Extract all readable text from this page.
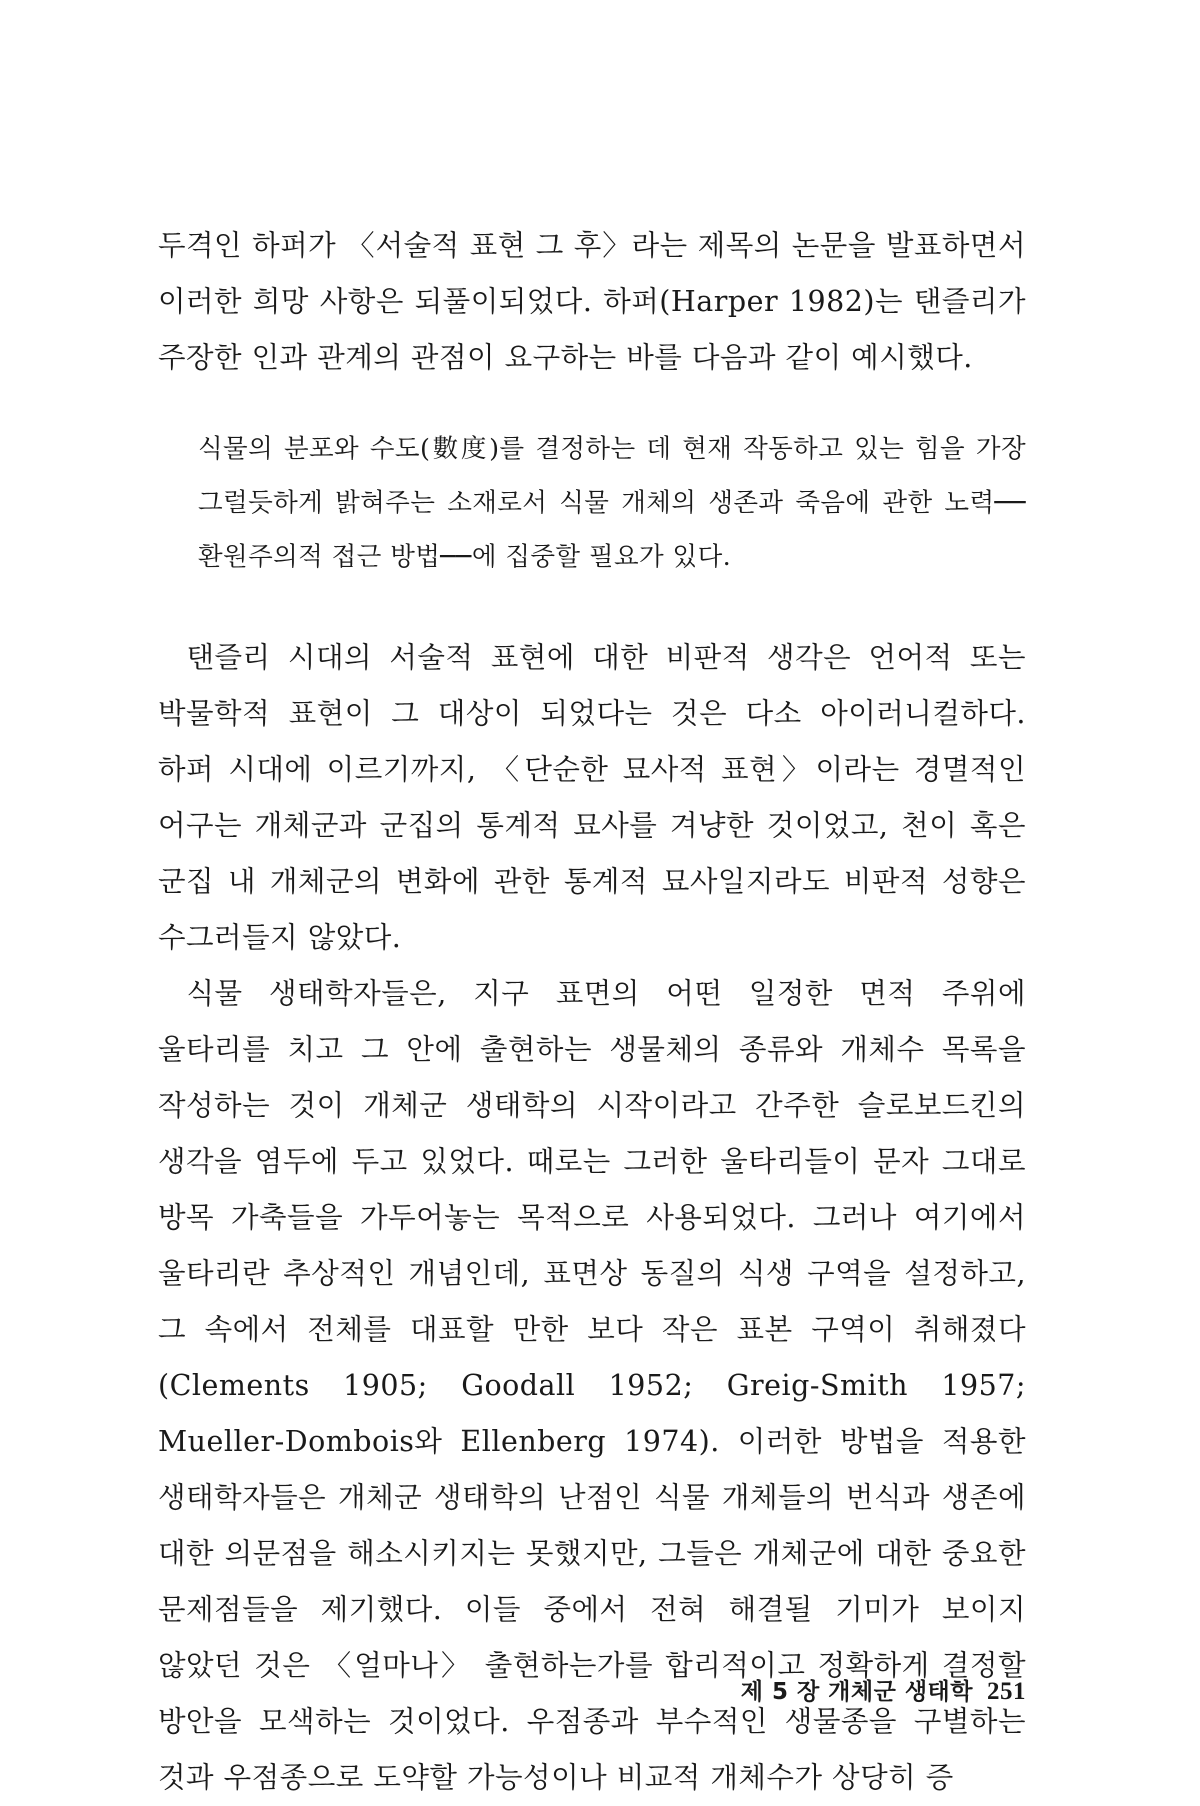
두격인 하퍼가 〈서술적 표현 그 후〉라는 제목의 논문을 발표하면서 이러한 희망 사항은 되풀이되었다. 하퍼(Harper 1982)는 탠즐리가 주장한 인과 관계의 관점이 요구하는 바를 다음과 같이 예시했다.

식물의 분포와 수도(數度)를 결정하는 데 현재 작동하고 있는 힘을 가장 그럴듯하게 밝혀주는 소재로서 식물 개체의 생존과 죽음에 관한 노력── 환원주의적 접근 방법──에 집중할 필요가 있다.

탠즐리 시대의 서술적 표현에 대한 비판적 생각은 언어적 또는 박물학적 표현이 그 대상이 되었다는 것은 다소 아이러니컬하다. 하퍼 시대에 이르기까지, 〈단순한 묘사적 표현〉이라는 경멸적인 어구는 개체군과 군집의 통계적 묘사를 겨냥한 것이었고, 천이 혹은 군집 내 개체군의 변화에 관한 통계적 묘사일지라도 비판적 성향은 수그러들지 않았다.

식물 생태학자들은, 지구 표면의 어떤 일정한 면적 주위에 울타리를 치고 그 안에 출현하는 생물체의 종류와 개체수 목록을 작성하는 것이 개체군 생태학의 시작이라고 간주한 슬로보드킨의 생각을 염두에 두고 있었다. 때로는 그러한 울타리들이 문자 그대로 방목 가축들을 가두어놓는 목적으로 사용되었다. 그러나 여기에서 울타리란 추상적인 개념인데, 표면상 동질의 식생 구역을 설정하고, 그 속에서 전체를 대표할 만한 보다 작은 표본 구역이 취해졌다(Clements 1905; Goodall 1952; Greig-Smith 1957; Mueller-Dombois와 Ellenberg 1974). 이러한 방법을 적용한 생태학자들은 개체군 생태학의 난점인 식물 개체들의 번식과 생존에 대한 의문점을 해소시키지는 못했지만, 그들은 개체군에 대한 중요한 문제점들을 제기했다. 이들 중에서 전혀 해결될 기미가 보이지 않았던 것은 〈얼마나〉 출현하는가를 합리적이고 정확하게 결정할 방안을 모색하는 것이었다. 우점종과 부수적인 생물종을 구별하는 것과 우점종으로 도약할 가능성이나 비교적 개체수가 상당히 증

제 5 장 개체군 생태학 251
